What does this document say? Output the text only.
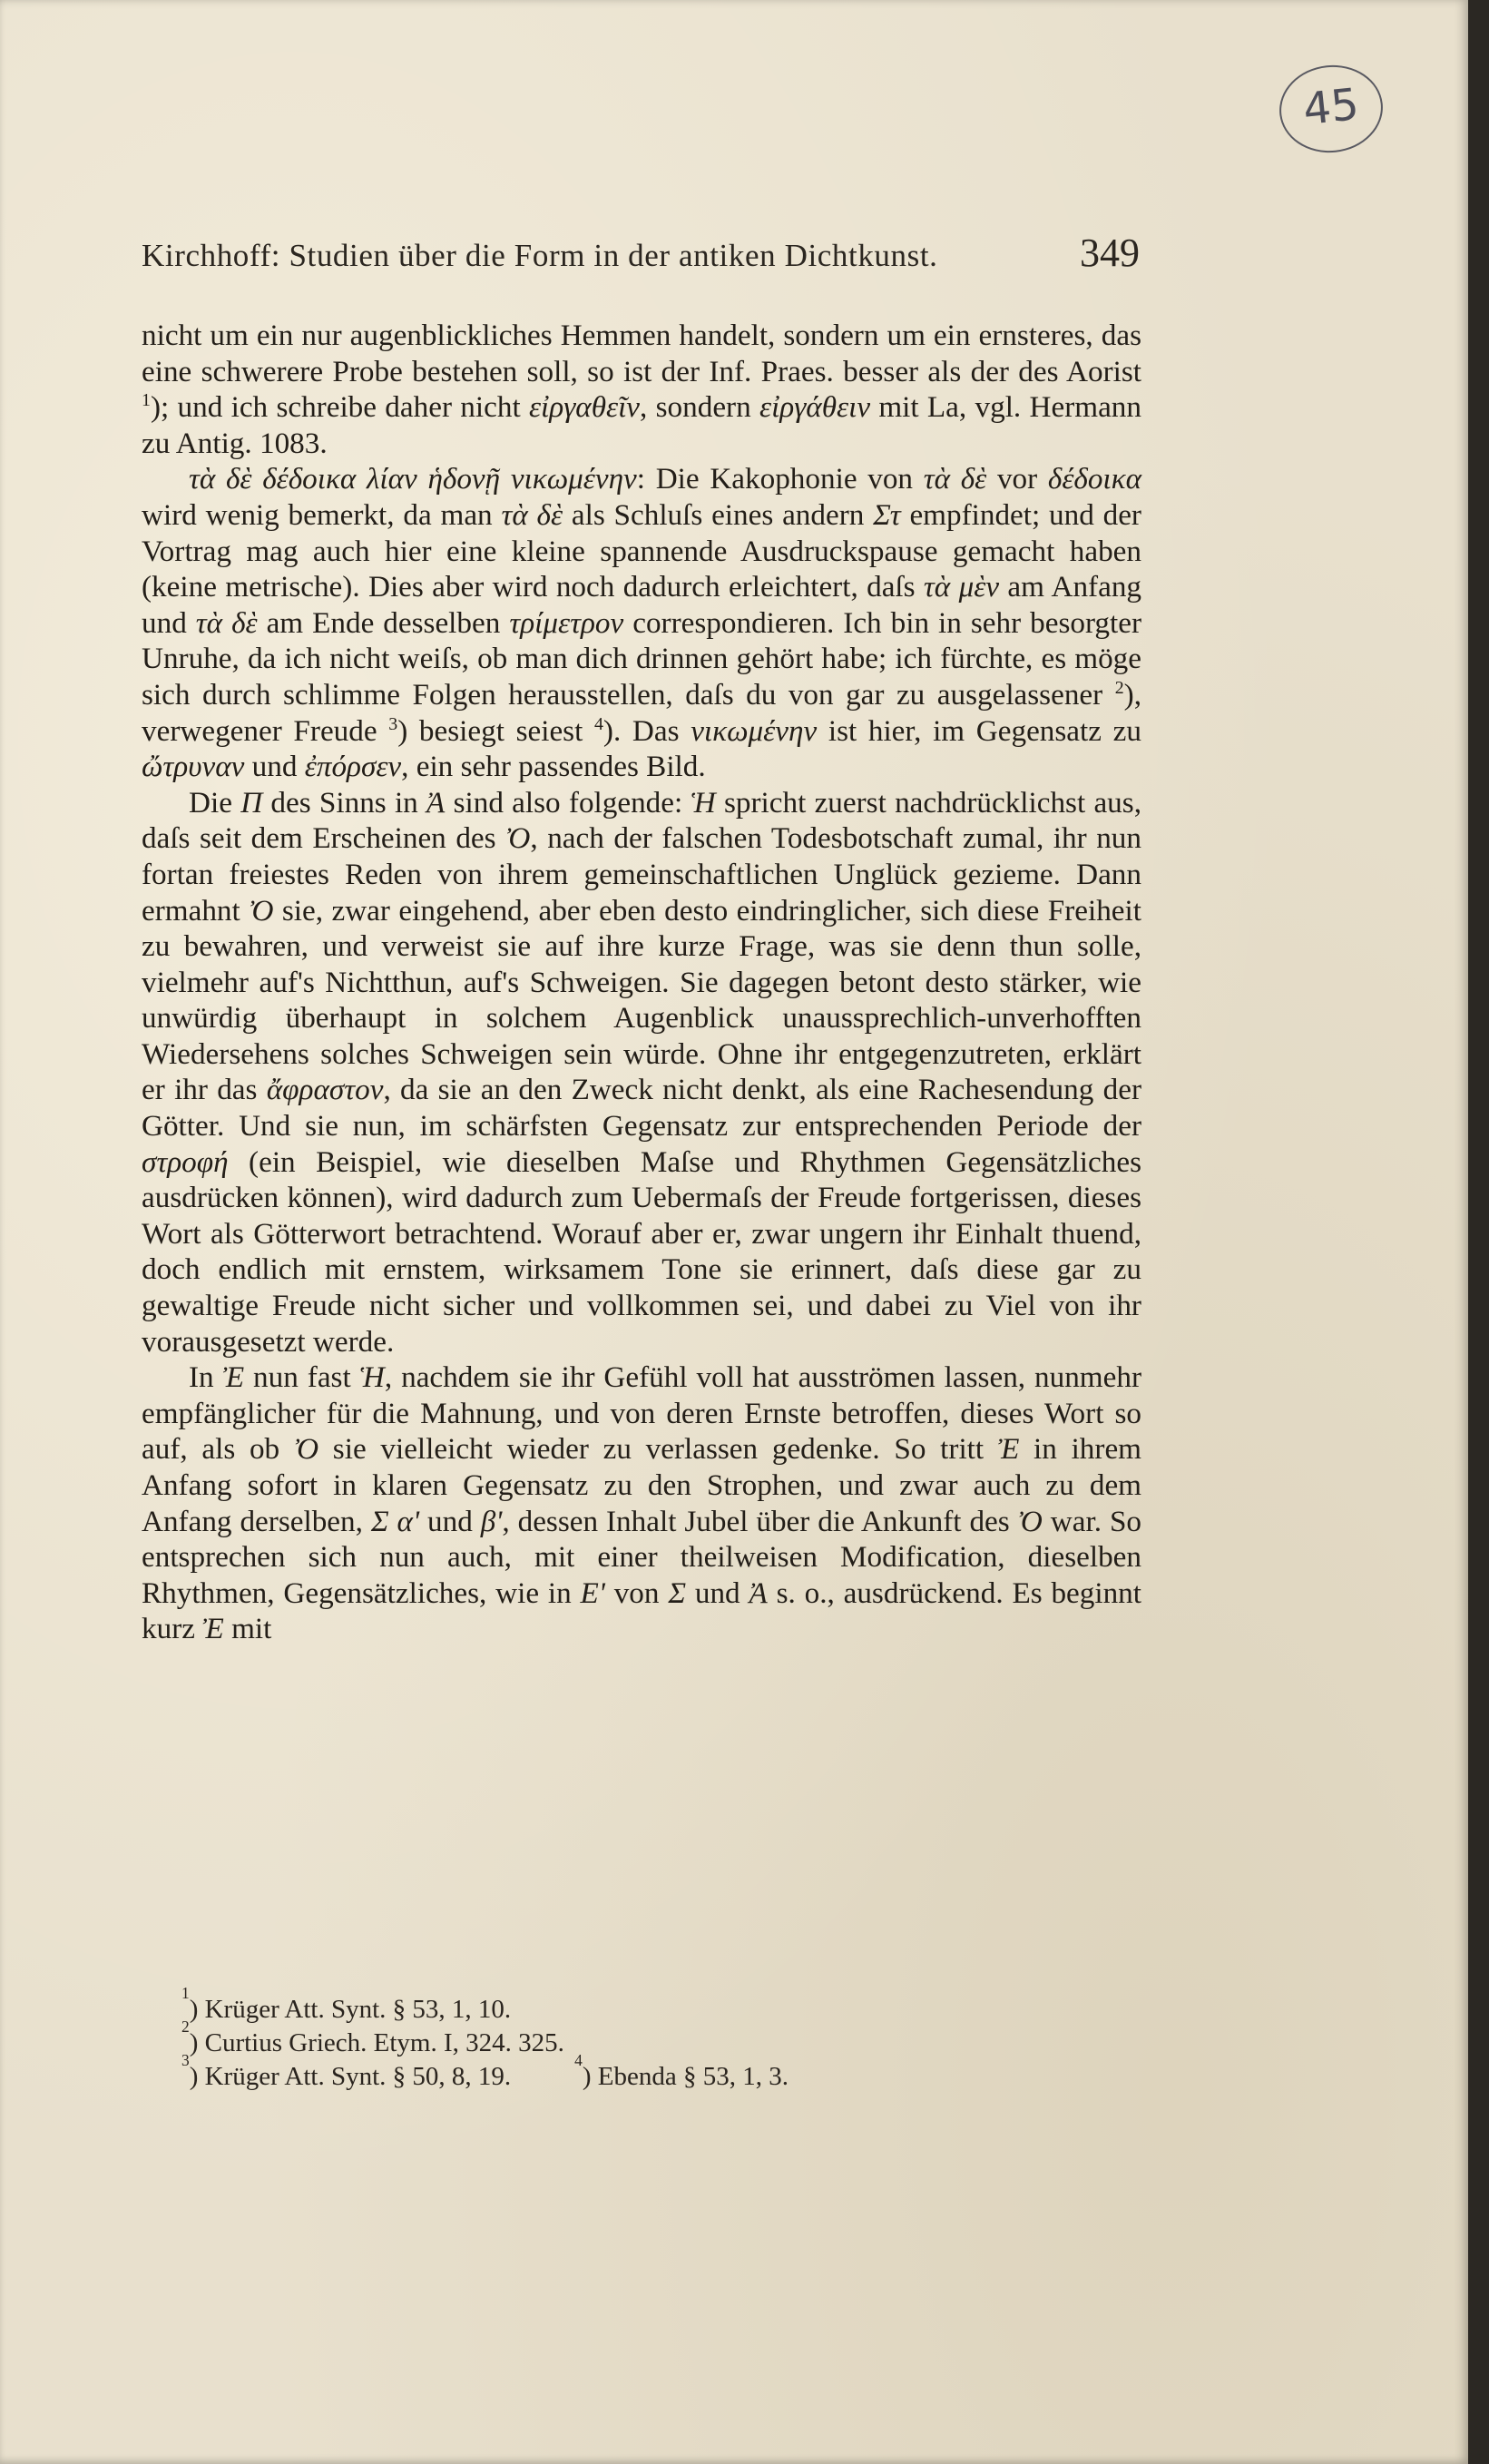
45
Kirchhoff: Studien über die Form in der antiken Dichtkunst.	349

nicht um ein nur augenblickliches Hemmen handelt, sondern um ein ernsteres, das eine schwerere Probe bestehen soll, so ist der Inf. Praes. besser als der des Aorist $^1$); und ich schreibe daher nicht εἰργαθεῖν, sondern εἰργάθειν mit La, vgl. Hermann zu Antig. 1083.

τὰ δὲ δέδοικα λίαν ἡδονῇ νικωμένην: Die Kakophonie von τὰ δὲ vor δέδοικα wird wenig bemerkt, da man τὰ δὲ als Schluſs eines andern Στ empfindet; und der Vortrag mag auch hier eine kleine spannende Ausdruckspause gemacht haben (keine metrische). Dies aber wird noch dadurch erleichtert, daſs τὰ μὲν am Anfang und τὰ δὲ am Ende desselben τρίμετρον correspondieren. Ich bin in sehr besorgter Unruhe, da ich nicht weiſs, ob man dich drinnen gehört habe; ich fürchte, es möge sich durch schlimme Folgen herausstellen, daſs du von gar zu ausgelassener $^2$), verwegener Freude $^3$) besiegt seiest $^4$). Das νικωμένην ist hier, im Gegensatz zu ὤτρυναν und ἐπόρσεν, ein sehr passendes Bild.

Die Π des Sinns in Ἀ sind also folgende: Ἡ spricht zuerst nachdrücklichst aus, daſs seit dem Erscheinen des Ὀ, nach der falschen Todesbotschaft zumal, ihr nun fortan freiestes Reden von ihrem gemeinschaftlichen Unglück gezieme. Dann ermahnt Ὀ sie, zwar eingehend, aber eben desto eindringlicher, sich diese Freiheit zu bewahren, und verweist sie auf ihre kurze Frage, was sie denn thun solle, vielmehr auf's Nichtthun, auf's Schweigen. Sie dagegen betont desto stärker, wie unwürdig überhaupt in solchem Augenblick unaussprechlich-unverhofften Wiedersehens solches Schweigen sein würde. Ohne ihr entgegenzutreten, erklärt er ihr das ἄφραστον, da sie an den Zweck nicht denkt, als eine Rachesendung der Götter. Und sie nun, im schärfsten Gegensatz zur entsprechenden Periode der στροφή (ein Beispiel, wie dieselben Maſse und Rhythmen Gegensätzliches ausdrücken können), wird dadurch zum Uebermaſs der Freude fortgerissen, dieses Wort als Götterwort betrachtend. Worauf aber er, zwar ungern ihr Einhalt thuend, doch endlich mit ernstem, wirksamem Tone sie erinnert, daſs diese gar zu gewaltige Freude nicht sicher und vollkommen sei, und dabei zu Viel von ihr vorausgesetzt werde.

In Ἐ nun fast Ἡ, nachdem sie ihr Gefühl voll hat ausströmen lassen, nunmehr empfänglicher für die Mahnung, und von deren Ernste betroffen, dieses Wort so auf, als ob Ὀ sie vielleicht wieder zu verlassen gedenke. So tritt Ἐ in ihrem Anfang sofort in klaren Gegensatz zu den Strophen, und zwar auch zu dem Anfang derselben, Σ α' und β', dessen Inhalt Jubel über die Ankunft des Ὀ war. So entsprechen sich nun auch, mit einer theilweisen Modification, dieselben Rhythmen, Gegensätzliches, wie in Ε' von Σ und Ἀ s. o., ausdrückend. Es beginnt kurz Ἐ mit

1
) Krüger Att. Synt. § 53, 1, 10.
2
) Curtius Griech. Etym. I, 324. 325.
3
) Krüger Att. Synt. § 50, 8, 19.
4
) Ebenda § 53, 1, 3.
